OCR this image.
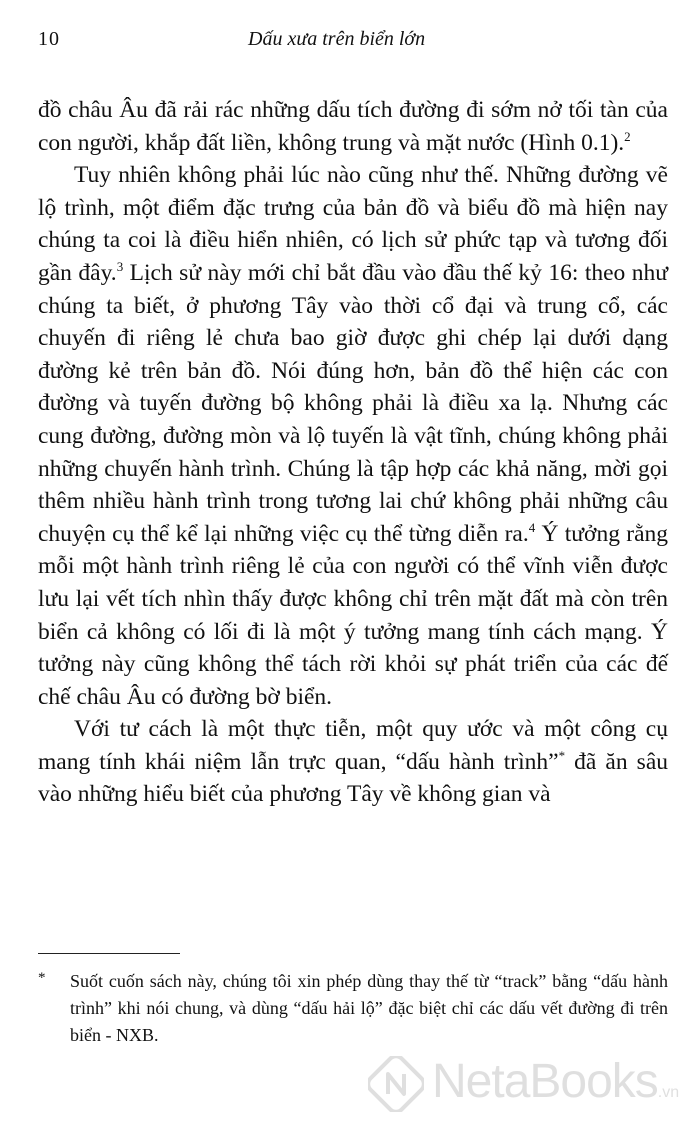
10	Dấu xưa trên biển lớn

đồ châu Âu đã rải rác những dấu tích đường đi sớm nở tối tàn của con người, khắp đất liền, không trung và mặt nước (Hình 0.1).$^2$

Tuy nhiên không phải lúc nào cũng như thế. Những đường vẽ lộ trình, một điểm đặc trưng của bản đồ và biểu đồ mà hiện nay chúng ta coi là điều hiển nhiên, có lịch sử phức tạp và tương đối gần đây.$^3$ Lịch sử này mới chỉ bắt đầu vào đầu thế kỷ 16: theo như chúng ta biết, ở phương Tây vào thời cổ đại và trung cổ, các chuyến đi riêng lẻ chưa bao giờ được ghi chép lại dưới dạng đường kẻ trên bản đồ. Nói đúng hơn, bản đồ thể hiện các con đường và tuyến đường bộ không phải là điều xa lạ. Nhưng các cung đường, đường mòn và lộ tuyến là vật tĩnh, chúng không phải những chuyến hành trình. Chúng là tập hợp các khả năng, mời gọi thêm nhiều hành trình trong tương lai chứ không phải những câu chuyện cụ thể kể lại những việc cụ thể từng diễn ra.$^4$ Ý tưởng rằng mỗi một hành trình riêng lẻ của con người có thể vĩnh viễn được lưu lại vết tích nhìn thấy được không chỉ trên mặt đất mà còn trên biển cả không có lối đi là một ý tưởng mang tính cách mạng. Ý tưởng này cũng không thể tách rời khỏi sự phát triển của các đế chế châu Âu có đường bờ biển.

Với tư cách là một thực tiễn, một quy ước và một công cụ mang tính khái niệm lẫn trực quan, “dấu hành trình”* đã ăn sâu vào những hiểu biết của phương Tây về không gian và

* Suốt cuốn sách này, chúng tôi xin phép dùng thay thế từ “track” bằng “dấu hành trình” khi nói chung, và dùng “dấu hải lộ” đặc biệt chỉ các dấu vết đường đi trên biển - NXB.
NetaBooks.vn
